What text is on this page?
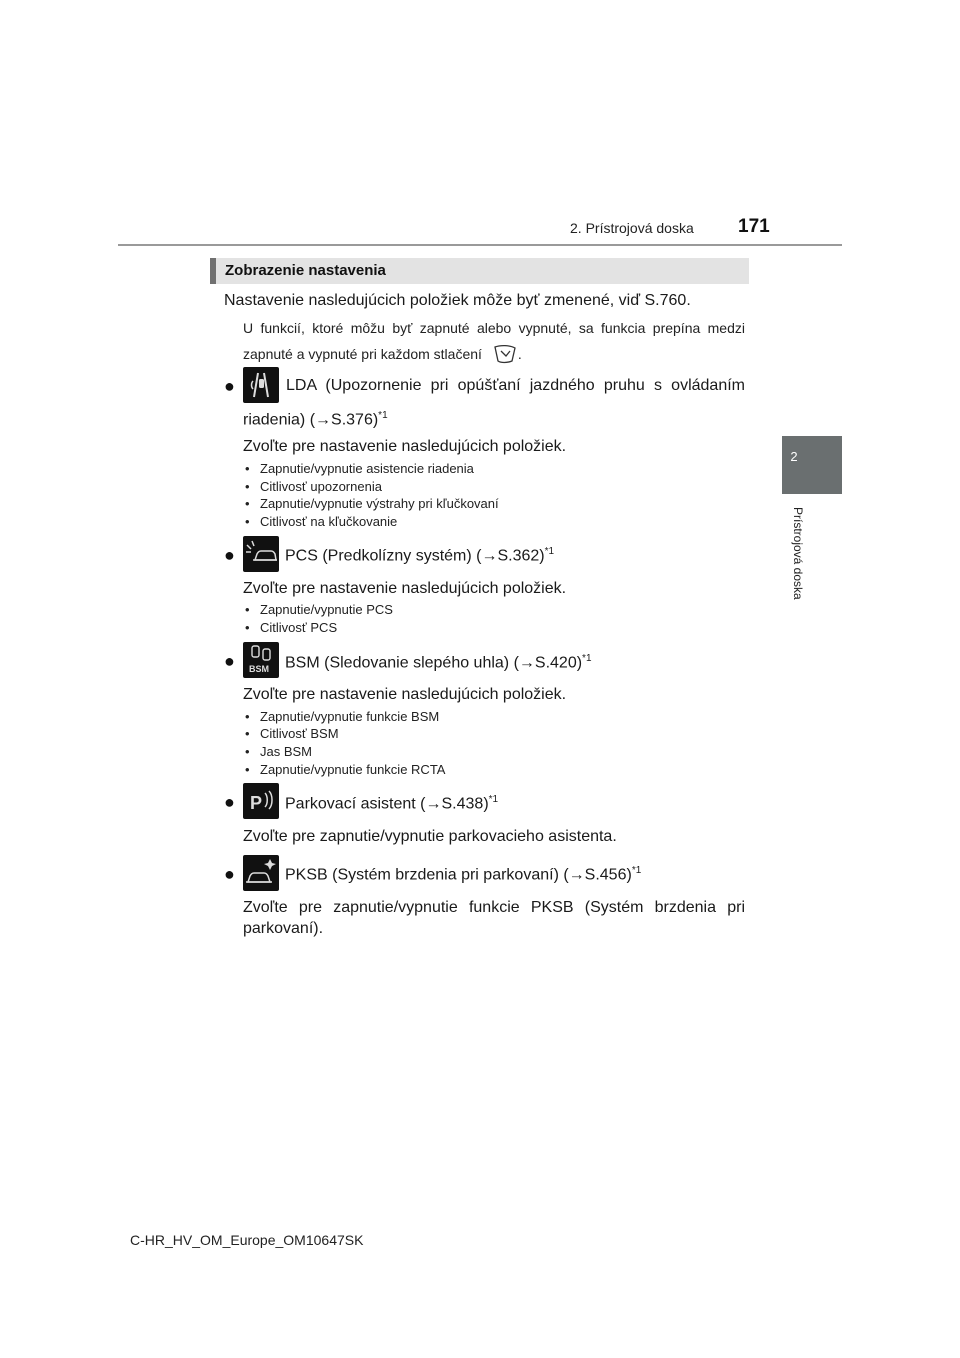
2. Prístrojová doska 171
2
Prístrojová doska
Zobrazenie nastavenia
Nastavenie nasledujúcich položiek môže byť zmenené, viď S.760.
U funkcií, ktoré môžu byť zapnuté alebo vypnuté, sa funkcia prepína medzi
zapnuté a vypnuté pri každom stlačení	.
●	LDA (Upozornenie pri opúšťaní jazdného pruhu s ovládaním
riadenia) $(\to S.376)^{*1}$
Zvoľte pre nastavenie nasledujúcich položiek.
• Zapnutie/vypnutie asistencie riadenia
• Citlivosť upozornenia
• Zapnutie/vypnutie výstrahy pri kľučkovaní
• Citlivosť na kľučkovanie
●	PCS (Predkolízny systém) $(\to S.362)^{*1}$
Zvoľte pre nastavenie nasledujúcich položiek.
• Zapnutie/vypnutie PCS
• Citlivosť PCS
● BSM BSM (Sledovanie slepého uhla) $(\to S.420)^{*1}$
Zvoľte pre nastavenie nasledujúcich položiek.
• Zapnutie/vypnutie funkcie BSM
• Citlivosť BSM
• Jas BSM
• Zapnutie/vypnutie funkcie RCTA
● P Parkovací asistent $(\to S.438)^{*1}$
Zvoľte pre zapnutie/vypnutie parkovacieho asistenta.
●	PKSB (Systém brzdenia pri parkovaní) $(\to S.456)^{*1}$
Zvoľte pre zapnutie/vypnutie funkcie PKSB (Systém brzdenia pri
parkovaní).
C-HR_HV_OM_Europe_OM10647SK
